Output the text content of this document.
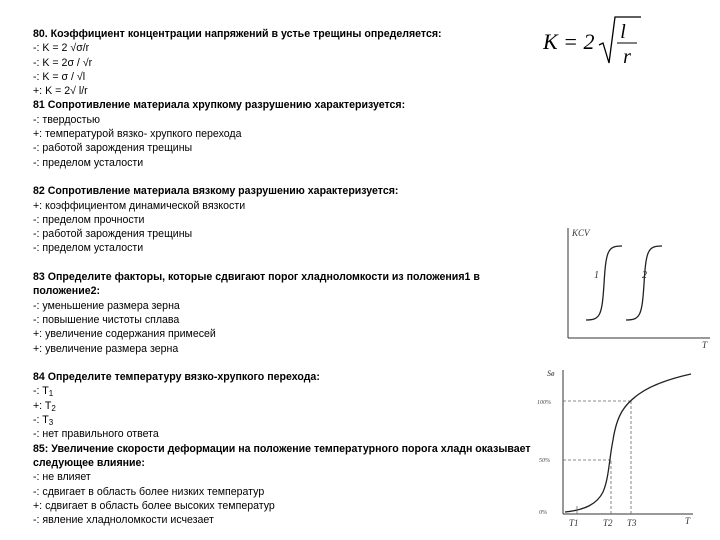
80. Коэффициент концентрации напряжений в устье трещины определяется:
-: K = 2 √σ/r
-: K = 2σ / √r
-: K = σ / √l
+: K = 2√ l/r
81 Сопротивление материала хрупкому разрушению характеризуется:
-: твердостью
+: температурой вязко- хрупкого перехода
-: работой зарождения трещины
-: пределом усталости
82 Сопротивление материала вязкому разрушению характеризуется:
+: коэффициентом динамической вязкости
-: пределом прочности
-: работой зарождения трещины
-: пределом усталости
83 Определите факторы, которые сдвигают порог хладноломкости из положения1 в положение2:
-: уменьшение размера зерна
-: повышение чистоты сплава
+: увеличение содержания примесей
+: увеличение размера зерна
84 Определите температуру вязко-хрупкого перехода:
-: $T_1$
+: $T_2$
-: $T_3$
-: нет правильного ответа
85: Увеличение скорости деформации на положение температурного порога хладн оказывает следующее влияние:
-: не влияет
-: сдвигает в область более низких температур
+: сдвигает в область более высоких температур
-: явление хладноломкости исчезает
K = 2 l
r
KCV
T
1	2
Sв
T
100%
50%
0%
T1	T2 T3
